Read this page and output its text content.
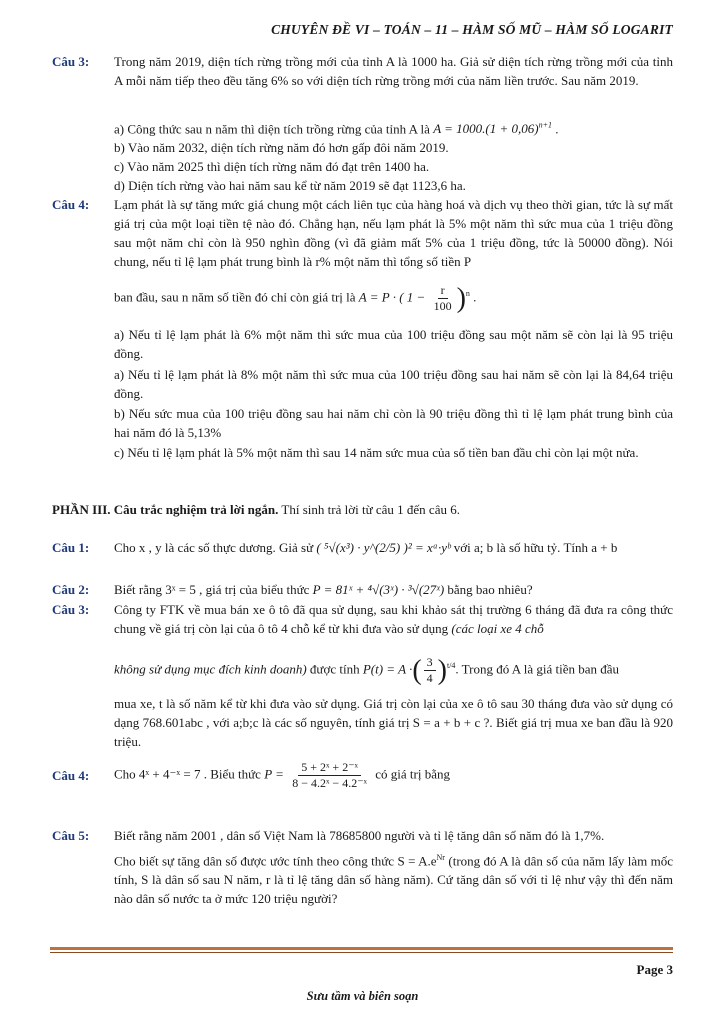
CHUYÊN ĐỀ VI – TOÁN – 11 – HÀM SỐ MŨ – HÀM SỐ LOGARIT
Câu 3: Trong năm 2019, diện tích rừng trồng mới của tỉnh A là 1000 ha. Giả sử diện tích rừng trồng mới của tỉnh A mỗi năm tiếp theo đều tăng 6% so với diện tích rừng trồng mới của năm liền trước. Sau năm 2019.
a) Công thức sau n năm thì diện tích trồng rừng của tỉnh A là $A = 1000.(1 + 0,06)^{n+1}$ .
b) Vào năm 2032, diện tích rừng năm đó hơn gấp đôi năm 2019.
c) Vào năm 2025 thì diện tích rừng năm đó đạt trên 1400 ha.
d) Diện tích rừng vào hai năm sau kể từ năm 2019 sẽ đạt 1123,6 ha.
Câu 4: Lạm phát là sự tăng mức giá chung một cách liên tục của hàng hoá và dịch vụ theo thời gian, tức là sự mất giá trị của một loại tiền tệ nào đó. Chẳng hạn, nếu lạm phát là 5% một năm thì sức mua của 1 triệu đồng sau một năm chỉ còn là 950 nghìn đồng (vì đã giảm mất 5% của 1 triệu đồng, tức là 50000 đồng). Nói chung, nếu tỉ lệ lạm phát trung bình là r% một năm thì tổng số tiền P
ban đầu, sau n năm số tiền đó chỉ còn giá trị là A = P · ( $1 - \frac{r}{100} )^n$ .
a) Nếu tỉ lệ lạm phát là 6% một năm thì sức mua của 100 triệu đồng sau một năm sẽ còn lại là 95 triệu đồng.
a) Nếu tỉ lệ lạm phát là 8% một năm thì sức mua của 100 triệu đồng sau hai năm sẽ còn lại là 84,64 triệu đồng.
b) Nếu sức mua của 100 triệu đồng sau hai năm chỉ còn là 90 triệu đồng thì tỉ lệ lạm phát trung bình của hai năm đó là 5,13%
c) Nếu tỉ lệ lạm phát là 5% một năm thì sau 14 năm sức mua của số tiền ban đầu chỉ còn lại một nửa.
PHẦN III. Câu trắc nghiệm trả lời ngắn. Thí sinh trả lời từ câu 1 đến câu 6.
Câu 1: Cho x , y là các số thực dương. Giả sử ( ⁵√(x³) · y^(2/5) )² = xᵃ·yᵇ với a; b là số hữu tỷ. Tính a + b
Câu 2: Biết rằng 3ˣ = 5 , giá trị của biểu thức P = 81ˣ + ⁴√(3ˣ) · ³√(27ˣ) bằng bao nhiêu?
Câu 3: Công ty FTK về mua bán xe ô tô đã qua sử dụng, sau khi khảo sát thị trường 6 tháng đã đưa ra công thức chung về giá trị còn lại của ô tô 4 chỗ kể từ khi đưa vào sử dụng (các loại xe 4 chỗ
không sử dụng mục đích kinh doanh) được tính P(t) = A ·( $\frac{3}{4} )^{t/4}$. Trong đó A là giá tiền ban đầu
mua xe, t là số năm kể từ khi đưa vào sử dụng. Giá trị còn lại của xe ô tô sau 30 tháng đưa vào sử dụng có dạng 768.601abc , với a;b;c là các số nguyên, tính giá trị S = a + b + c ?. Biết giá trị mua xe ban đầu là 920 triệu.
Câu 4: Cho 4ˣ + 4⁻ˣ = 7 . Biểu thức $P = \frac{\text{5 + 2ˣ + 2⁻ˣ}}{\text{8 − 4.2ˣ − 4.2⁻ˣ}}$ có giá trị bằng
Câu 5: Biết rằng năm 2001 , dân số Việt Nam là 78685800 người và tỉ lệ tăng dân số năm đó là 1,7%.
Cho biết sự tăng dân số được ước tính theo công thức $S = A.e^{Nr}$ (trong đó A là dân số của năm lấy làm mốc tính, S là dân số sau N năm, r là tỉ lệ tăng dân số hàng năm). Cứ tăng dân số với tỉ lệ như vậy thì đến năm nào dân số nước ta ở mức 120 triệu người?
Page 3
Sưu tầm và biên soạn
